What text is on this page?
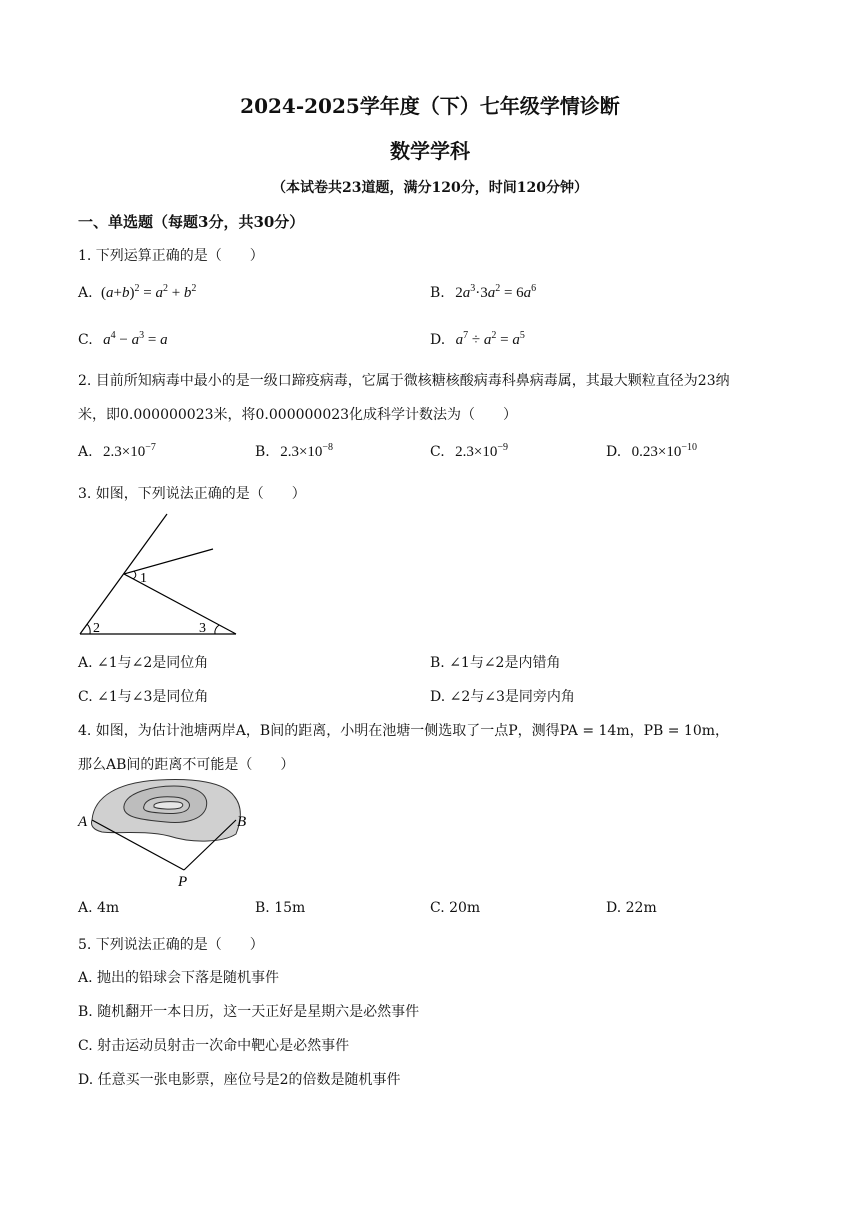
2024-2025学年度（下）七年级学情诊断
数学学科
（本试卷共23道题，满分120分，时间120分钟）
一、单选题（每题3分，共30分）
1. 下列运算正确的是（　　）
A. $(a+b)^2 = a^2 + b^2$	B. $2a^3\cdot 3a^2 = 6a^6$
C. $a^4 - a^3 = a$	D. $a^7 \div a^2 = a^5$
2. 目前所知病毒中最小的是一级口蹄疫病毒，它属于微核糖核酸病毒科鼻病毒属，其最大颗粒直径为23纳
米，即0.000000023米，将0.000000023化成科学计数法为（　　）
A. $2.3\times 10^{-7}$	B. $2.3\times 10^{-8}$	C. $2.3\times 10^{-9}$	D. $0.23\times 10^{-10}$
3. 如图，下列说法正确的是（　　）
1
2	3
A. ∠1与∠2是同位角	B. ∠1与∠2是内错角
C. ∠1与∠3是同位角	D. ∠2与∠3是同旁内角
4. 如图，为估计池塘两岸A，B间的距离，小明在池塘一侧选取了一点P，测得PA = 14m，PB = 10m，
那么AB间的距离不可能是（　　）
A	B
P
A. 4m	B. 15m	C. 20m	D. 22m
5. 下列说法正确的是（　　）
A. 抛出的铅球会下落是随机事件
B. 随机翻开一本日历，这一天正好是星期六是必然事件
C. 射击运动员射击一次命中靶心是必然事件
D. 任意买一张电影票，座位号是2的倍数是随机事件
